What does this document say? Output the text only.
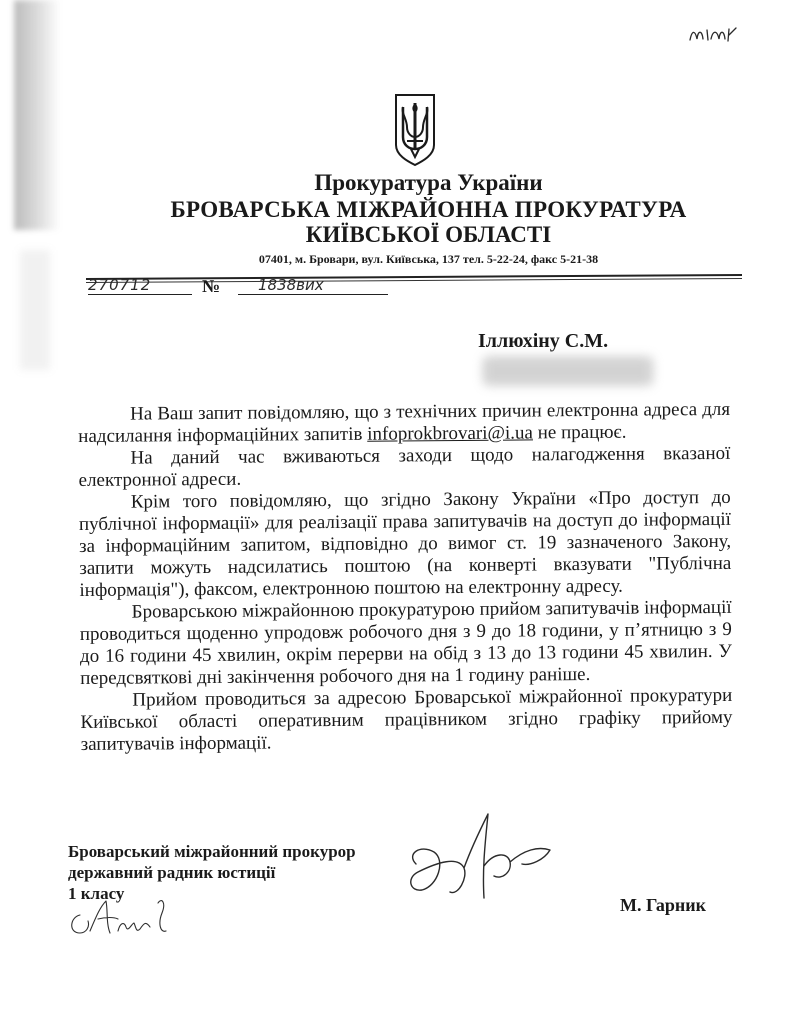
Прокуратура України
БРОВАРСЬКА МІЖРАЙОННА ПРОКУРАТУРА
КИЇВСЬКОЇ ОБЛАСТІ
07401, м. Бровари, вул. Київська, 137 тел. 5-22-24, факс 5-21-38
270712	№	1838вих
Іллюхіну С.М.

На Ваш запит повідомляю, що з технічних причин електронна адреса для надсилання інформаційних запитів infoprokbrovari@i.ua не працює.

На даний час вживаються заходи щодо налагодження вказаної електронної адреси.

Крім того повідомляю, що згідно Закону України «Про доступ до публічної інформації» для реалізації права запитувачів на доступ до інформації за інформаційним запитом, відповідно до вимог ст. 19 зазначеного Закону, запити можуть надсилатись поштою (на конверті вказувати "Публічна інформація"), факсом, електронною поштою на електронну адресу.

Броварською міжрайонною прокуратурою прийом запитувачів інформації проводиться щоденно упродовж робочого дня з 9 до 18 години, у п’ятницю з 9 до 16 години 45 хвилин, окрім перерви на обід з 13 до 13 години 45 хвилин. У передсвяткові дні закінчення робочого дня на 1 годину раніше.

Прийом проводиться за адресою Броварської міжрайонної прокуратури Київської області оперативним працівником згідно графіку прийому запитувачів інформації.

Броварський міжрайонний прокурор
державний радник юстиції
1 класу
М. Гарник
